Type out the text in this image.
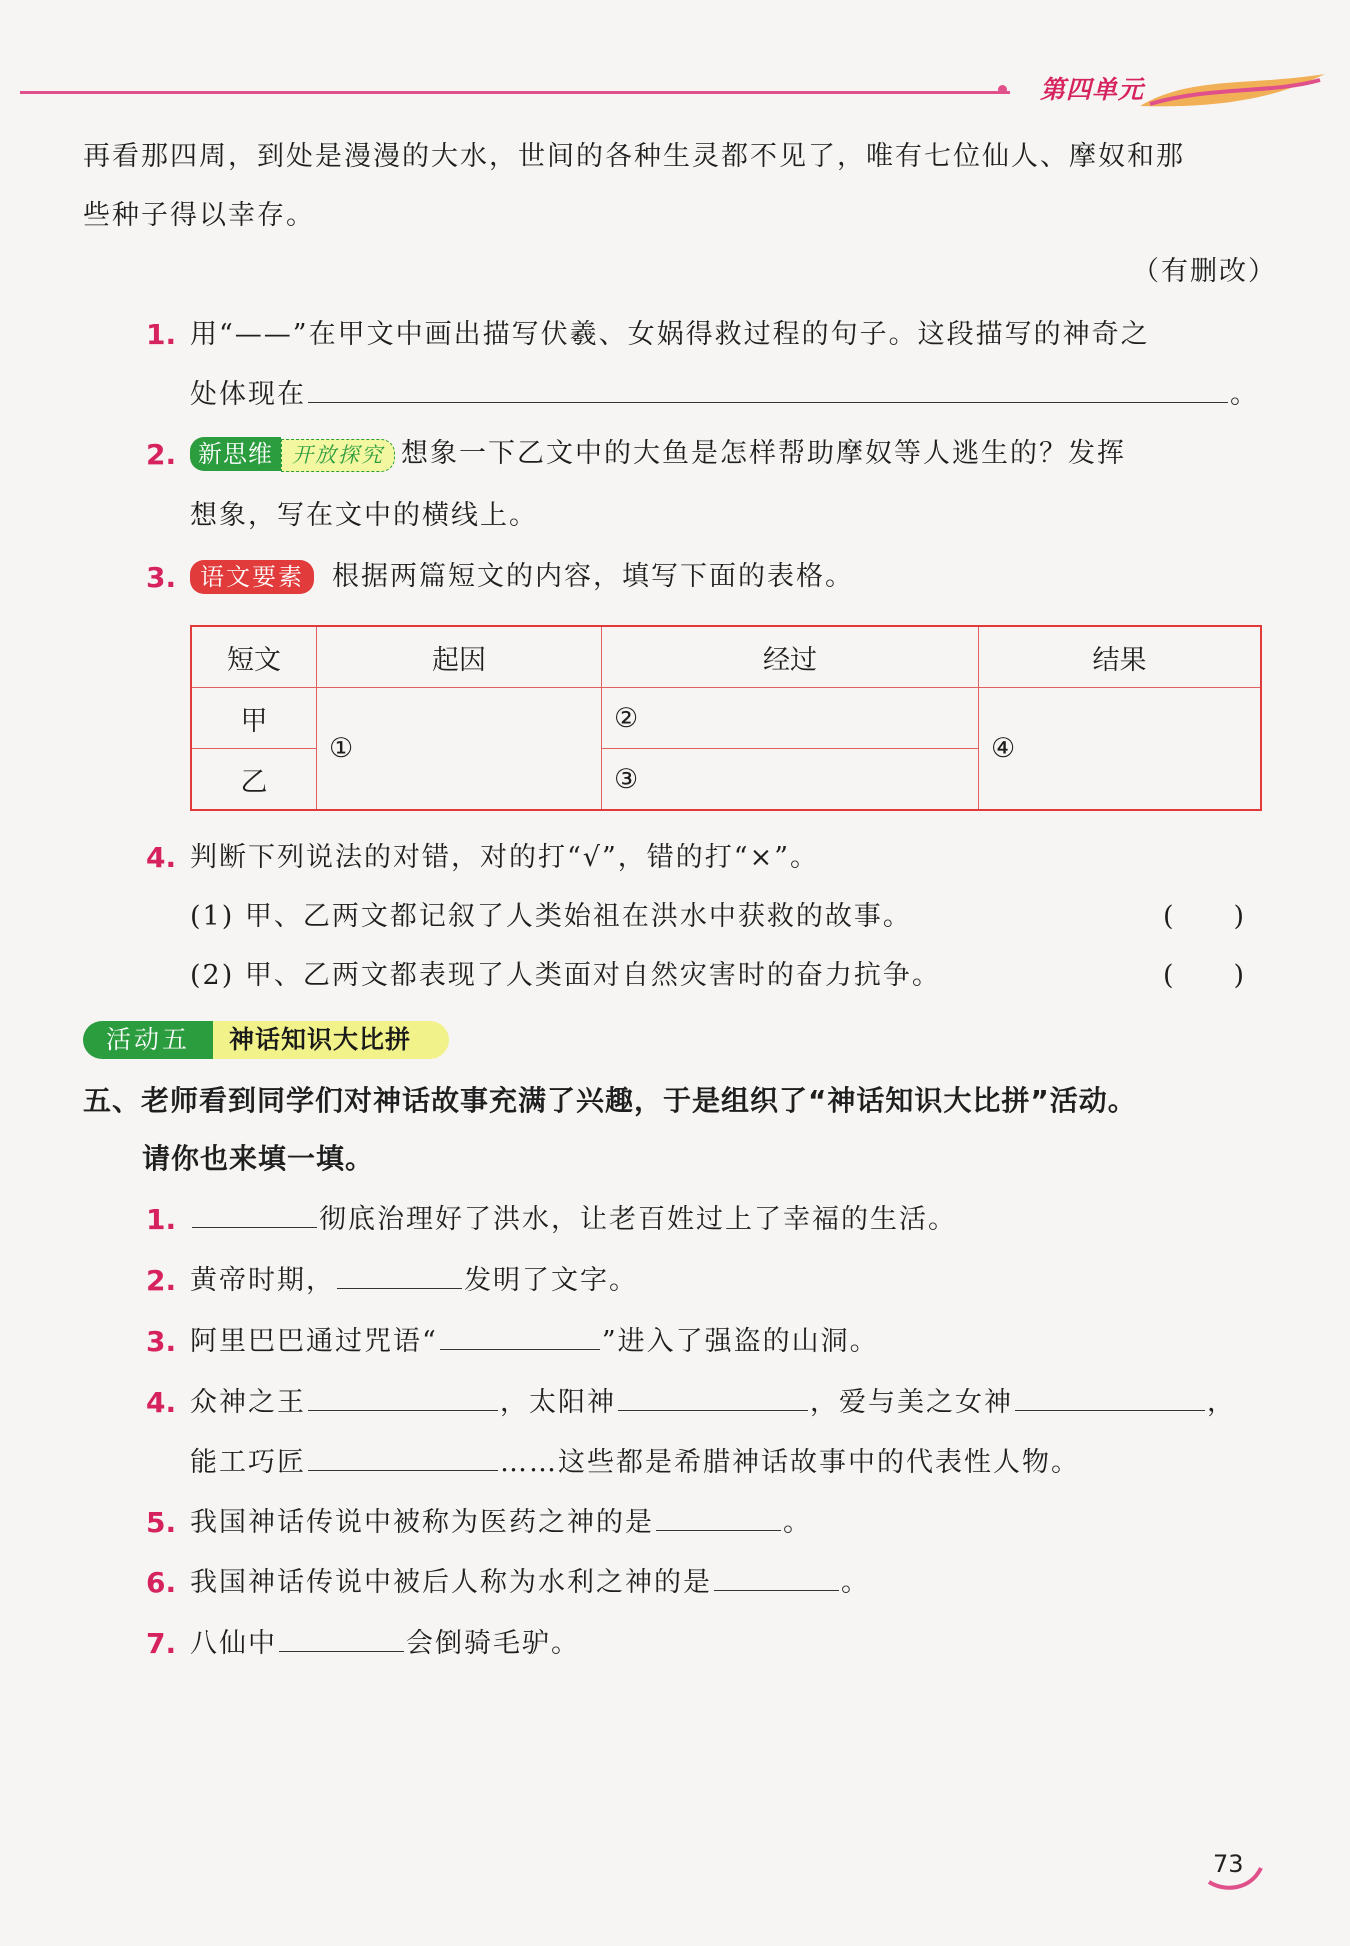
第四单元
再看那四周，到处是漫漫的大水，世间的各种生灵都不见了，唯有七位仙人、摩奴和那
些种子得以幸存。
（有删改）
1. 用“——”在甲文中画出描写伏羲、女娲得救过程的句子。这段描写的神奇之
处体现在	。
2. 新思维 开放探究 想象一下乙文中的大鱼是怎样帮助摩奴等人逃生的？发挥
想象，写在文中的横线上。
3. 语文要素 根据两篇短文的内容，填写下面的表格。
短文	起因	经过	结果
甲	①	②	④
乙		③	
4. 判断下列说法的对错，对的打“√”，错的打“×”。
(1) 甲、乙两文都记叙了人类始祖在洪水中获救的故事。	(　　)
(2) 甲、乙两文都表现了人类面对自然灾害时的奋力抗争。	(　　)
活动五	神话知识大比拼
五、老师看到同学们对神话故事充满了兴趣，于是组织了“神话知识大比拼”活动。
请你也来填一填。
1.	彻底治理好了洪水，让老百姓过上了幸福的生活。
2. 黄帝时期，	发明了文字。
3. 阿里巴巴通过咒语“	”进入了强盗的山洞。
4. 众神之王	，太阳神	，爱与美之女神	，
能工巧匠	……这些都是希腊神话故事中的代表性人物。
5. 我国神话传说中被称为医药之神的是	。
6. 我国神话传说中被后人称为水利之神的是	。
7. 八仙中	会倒骑毛驴。
73
